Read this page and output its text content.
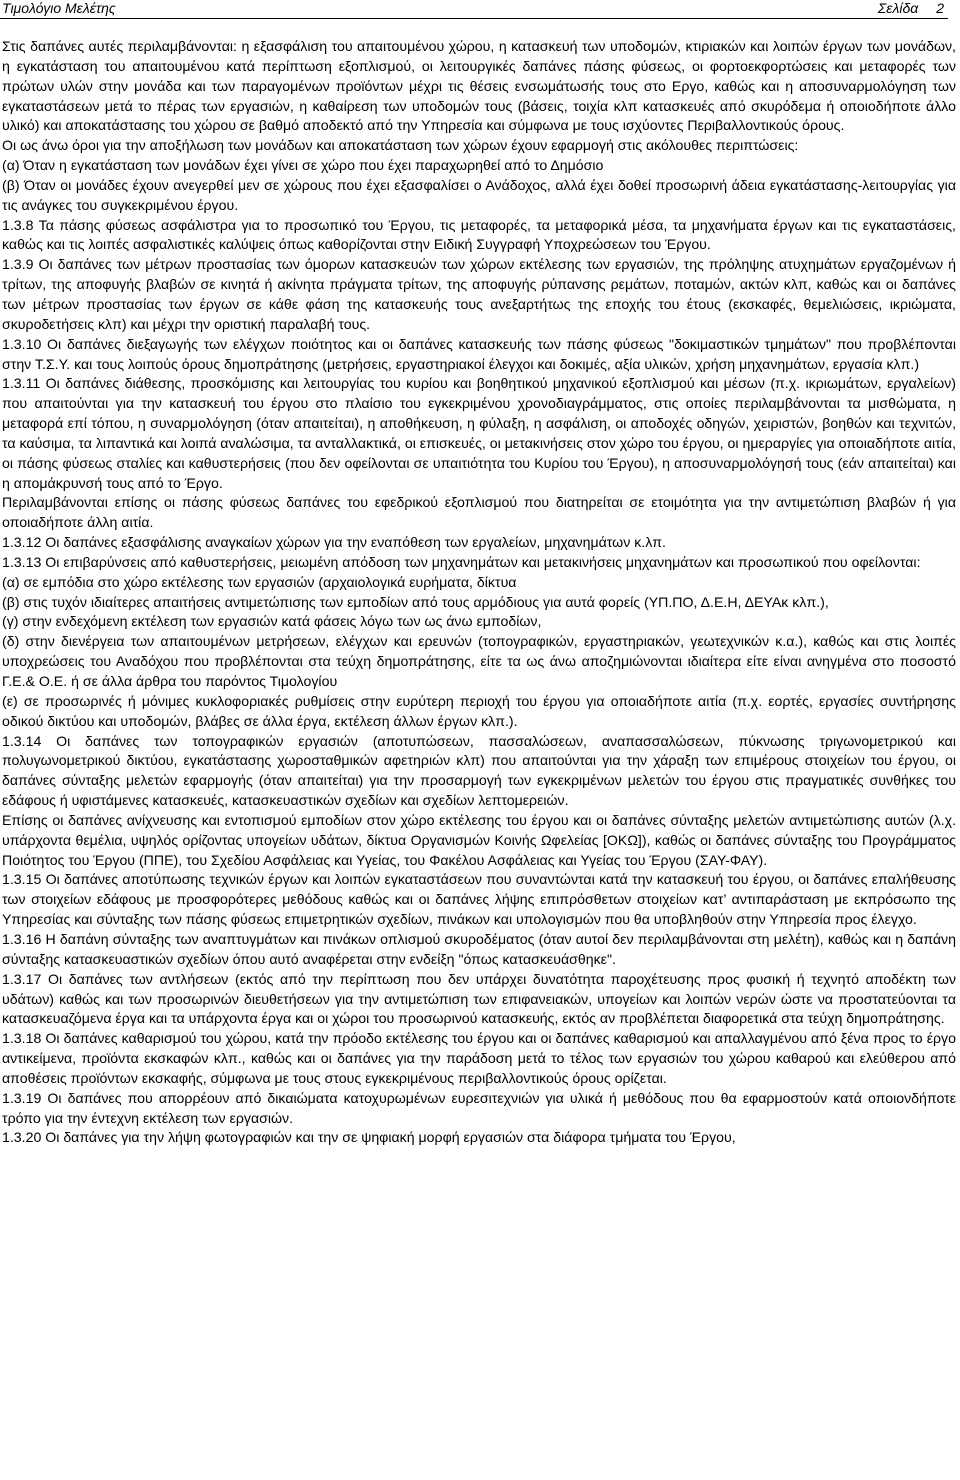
Τιμολόγιο Μελέτης	Σελίδα 2

Στις δαπάνες αυτές περιλαμβάνονται: η εξασφάλιση του απαιτουμένου χώρου, η κατασκευή των υποδομών, κτιριακών και λοιπών έργων των μονάδων, η εγκατάσταση του απαιτουμένου κατά περίπτωση εξοπλισμού, οι λειτουργικές δαπάνες πάσης φύσεως, οι φορτοεκφορτώσεις και μεταφορές των πρώτων υλών στην μονάδα και των παραγομένων προϊόντων μέχρι τις θέσεις ενσωμάτωσής τους στο Εργο, καθώς και η αποσυναρμολόγηση των εγκαταστάσεων μετά το πέρας των εργασιών, η καθαίρεση των υποδομών τους (βάσεις, τοιχία κλπ κατασκευές από σκυρόδεμα ή οποιοδήποτε άλλο υλικό) και αποκατάστασης του χώρου σε βαθμό αποδεκτό από την Υπηρεσία και σύμφωνα με τους ισχύοντες Περιβαλλοντικούς όρους.

Οι ως άνω όροι για την αποξήλωση των μονάδων και αποκατάσταση των χώρων έχουν εφαρμογή στις ακόλουθες περιπτώσεις:

(α) Όταν η εγκατάσταση των μονάδων έχει γίνει σε χώρο που έχει παραχωρηθεί από το Δημόσιο

(β) Όταν οι μονάδες έχουν ανεγερθεί μεν σε χώρους που έχει εξασφαλίσει ο Ανάδοχος, αλλά έχει δοθεί προσωρινή άδεια εγκατάστασης-λειτουργίας για τις ανάγκες του συγκεκριμένου έργου.

1.3.8 Τα πάσης φύσεως ασφάλιστρα για το προσωπικό του Έργου, τις μεταφορές, τα μεταφορικά μέσα, τα μηχανήματα έργων και τις εγκαταστάσεις, καθώς και τις λοιπές ασφαλιστικές καλύψεις όπως καθορίζονται στην Ειδική Συγγραφή Υποχρεώσεων του Έργου.

1.3.9 Οι δαπάνες των μέτρων προστασίας των όμορων κατασκευών των χώρων εκτέλεσης των εργασιών, της πρόληψης ατυχημάτων εργαζομένων ή τρίτων, της αποφυγής βλαβών σε κινητά ή ακίνητα πράγματα τρίτων, της αποφυγής ρύπανσης ρεμάτων, ποταμών, ακτών κλπ, καθώς και οι δαπάνες των μέτρων προστασίας των έργων σε κάθε φάση της κατασκευής τους ανεξαρτήτως της εποχής του έτους (εκσκαφές, θεμελιώσεις, ικριώματα, σκυροδετήσεις κλπ) και μέχρι την οριστική παραλαβή τους.

1.3.10 Οι δαπάνες διεξαγωγής των ελέγχων ποιότητος και οι δαπάνες κατασκευής των πάσης φύσεως "δοκιμαστικών τμημάτων" που προβλέπονται στην Τ.Σ.Υ. και τους λοιπούς όρους δημοπράτησης (μετρήσεις, εργαστηριακοί έλεγχοι και δοκιμές, αξία υλικών, χρήση μηχανημάτων, εργασία κλπ.)

1.3.11 Οι δαπάνες διάθεσης, προσκόμισης και λειτουργίας του κυρίου και βοηθητικού μηχανικού εξοπλισμού και μέσων (π.χ. ικριωμάτων, εργαλείων) που απαιτούνται για την κατασκευή του έργου στο πλαίσιο του εγκεκριμένου χρονοδιαγράμματος, στις οποίες περιλαμβάνονται τα μισθώματα, η μεταφορά επί τόπου, η συναρμολόγηση (όταν απαιτείται), η αποθήκευση, η φύλαξη, η ασφάλιση, οι αποδοχές οδηγών, χειριστών, βοηθών και τεχνιτών, τα καύσιμα, τα λιπαντικά και λοιπά αναλώσιμα, τα ανταλλακτικά, οι επισκευές, οι μετακινήσεις στον χώρο του έργου, οι ημεραργίες για οποιαδήποτε αιτία, οι πάσης φύσεως σταλίες και καθυστερήσεις (που δεν οφείλονται σε υπαιτιότητα του Κυρίου του Έργου), η αποσυναρμολόγησή τους (εάν απαιτείται) και η απομάκρυνσή τους από το Έργο.

Περιλαμβάνονται επίσης οι πάσης φύσεως δαπάνες του εφεδρικού εξοπλισμού που διατηρείται σε ετοιμότητα για την αντιμετώπιση βλαβών ή για οποιαδήποτε άλλη αιτία.

1.3.12 Οι δαπάνες εξασφάλισης αναγκαίων χώρων για την εναπόθεση των εργαλείων, μηχανημάτων κ.λπ.

1.3.13 Οι επιβαρύνσεις από καθυστερήσεις, μειωμένη απόδοση των μηχανημάτων και μετακινήσεις μηχανημάτων και προσωπικού που οφείλονται:

(α) σε εμπόδια στο χώρο εκτέλεσης των εργασιών (αρχαιολογικά ευρήματα, δίκτυα

(β) στις τυχόν ιδιαίτερες απαιτήσεις αντιμετώπισης των εμποδίων από τους αρμόδιους για αυτά φορείς (ΥΠ.ΠΟ, Δ.Ε.Η, ΔΕΥΑκ κλπ.),

(γ) στην ενδεχόμενη εκτέλεση των εργασιών κατά φάσεις λόγω των ως άνω εμποδίων,

(δ) στην διενέργεια των απαιτουμένων μετρήσεων, ελέγχων και ερευνών (τοπογραφικών, εργαστηριακών, γεωτεχνικών κ.α.), καθώς και στις λοιπές υποχρεώσεις του Αναδόχου που προβλέπονται στα τεύχη δημοπράτησης, είτε τα ως άνω αποζημιώνονται ιδιαίτερα είτε είναι ανηγμένα στο ποσοστό Γ.Ε.& Ο.Ε. ή σε άλλα άρθρα του παρόντος Τιμολογίου

(ε) σε προσωρινές ή μόνιμες κυκλοφοριακές ρυθμίσεις στην ευρύτερη περιοχή του έργου για οποιαδήποτε αιτία (π.χ. εορτές, εργασίες συντήρησης οδικού δικτύου και υποδομών, βλάβες σε άλλα έργα, εκτέλεση άλλων έργων κλπ.).

1.3.14 Οι δαπάνες των τοπογραφικών εργασιών (αποτυπώσεων, πασσαλώσεων, αναπασσαλώσεων, πύκνωσης τριγωνομετρικού και πολυγωνομετρικού δικτύου, εγκατάστασης χωροσταθμικών αφετηριών κλπ) που απαιτούνται για την χάραξη των επιμέρους στοιχείων του έργου, οι δαπάνες σύνταξης μελετών εφαρμογής (όταν απαιτείται) για την προσαρμογή των εγκεκριμένων μελετών του έργου στις πραγματικές συνθήκες του εδάφους ή υφιστάμενες κατασκευές, κατασκευαστικών σχεδίων και σχεδίων λεπτομερειών.

Επίσης οι δαπάνες ανίχνευσης και εντοπισμού εμποδίων στον χώρο εκτέλεσης του έργου και οι δαπάνες σύνταξης μελετών αντιμετώπισης αυτών (λ.χ. υπάρχοντα θεμέλια, υψηλός ορίζοντας υπογείων υδάτων, δίκτυα Οργανισμών Κοινής Ωφελείας [ΟΚΩ]), καθώς οι δαπάνες σύνταξης του Προγράμματος Ποιότητος του Έργου (ΠΠΕ), του Σχεδίου Ασφάλειας και Υγείας, του Φακέλου Ασφάλειας και Υγείας του Έργου (ΣΑΥ-ΦΑΥ).

1.3.15 Οι δαπάνες αποτύπωσης τεχνικών έργων και λοιπών εγκαταστάσεων που συναντώνται κατά την κατασκευή του έργου, οι δαπάνες επαλήθευσης των στοιχείων εδάφους με προσφορότερες μεθόδους καθώς και οι δαπάνες λήψης επιπρόσθετων στοιχείων κατ’ αντιπαράσταση με εκπρόσωπο της Υπηρεσίας και σύνταξης των πάσης φύσεως επιμετρητικών σχεδίων, πινάκων και υπολογισμών που θα υποβληθούν στην Υπηρεσία προς έλεγχο.

1.3.16 Η δαπάνη σύνταξης των αναπτυγμάτων και πινάκων οπλισμού σκυροδέματος (όταν αυτοί δεν περιλαμβάνονται στη μελέτη), καθώς και η δαπάνη σύνταξης κατασκευαστικών σχεδίων όπου αυτό αναφέρεται στην ενδείξη "όπως κατασκευάσθηκε".

1.3.17 Οι δαπάνες των αντλήσεων (εκτός από την περίπτωση που δεν υπάρχει δυνατότητα παροχέτευσης προς φυσική ή τεχνητό αποδέκτη των υδάτων) καθώς και των προσωρινών διευθετήσεων για την αντιμετώπιση των επιφανειακών, υπογείων και λοιπών νερών ώστε να προστατεύονται τα κατασκευαζόμενα έργα και τα υπάρχοντα έργα και οι χώροι του προσωρινού κατασκευής, εκτός αν προβλέπεται διαφορετικά στα τεύχη δημοπράτησης.

1.3.18 Οι δαπάνες καθαρισμού του χώρου, κατά την πρόοδο εκτέλεσης του έργου και οι δαπάνες καθαρισμού και απαλλαγμένου από ξένα προς το έργο αντικείμενα, προϊόντα εκσκαφών κλπ., καθώς και οι δαπάνες για την παράδοση μετά το τέλος των εργασιών του χώρου καθαρού και ελεύθερου από αποθέσεις προϊόντων εκσκαφής, σύμφωνα με τους στους εγκεκριμένους περιβαλλοντικούς όρους ορίζεται.

1.3.19 Οι δαπάνες που απορρέουν από δικαιώματα κατοχυρωμένων ευρεσιτεχνιών για υλικά ή μεθόδους που θα εφαρμοστούν κατά οποιονδήποτε τρόπο για την έντεχνη εκτέλεση των εργασιών.

1.3.20 Οι δαπάνες για την λήψη φωτογραφιών και την σε ψηφιακή μορφή εργασιών στα διάφορα τμήματα του Έργου,
